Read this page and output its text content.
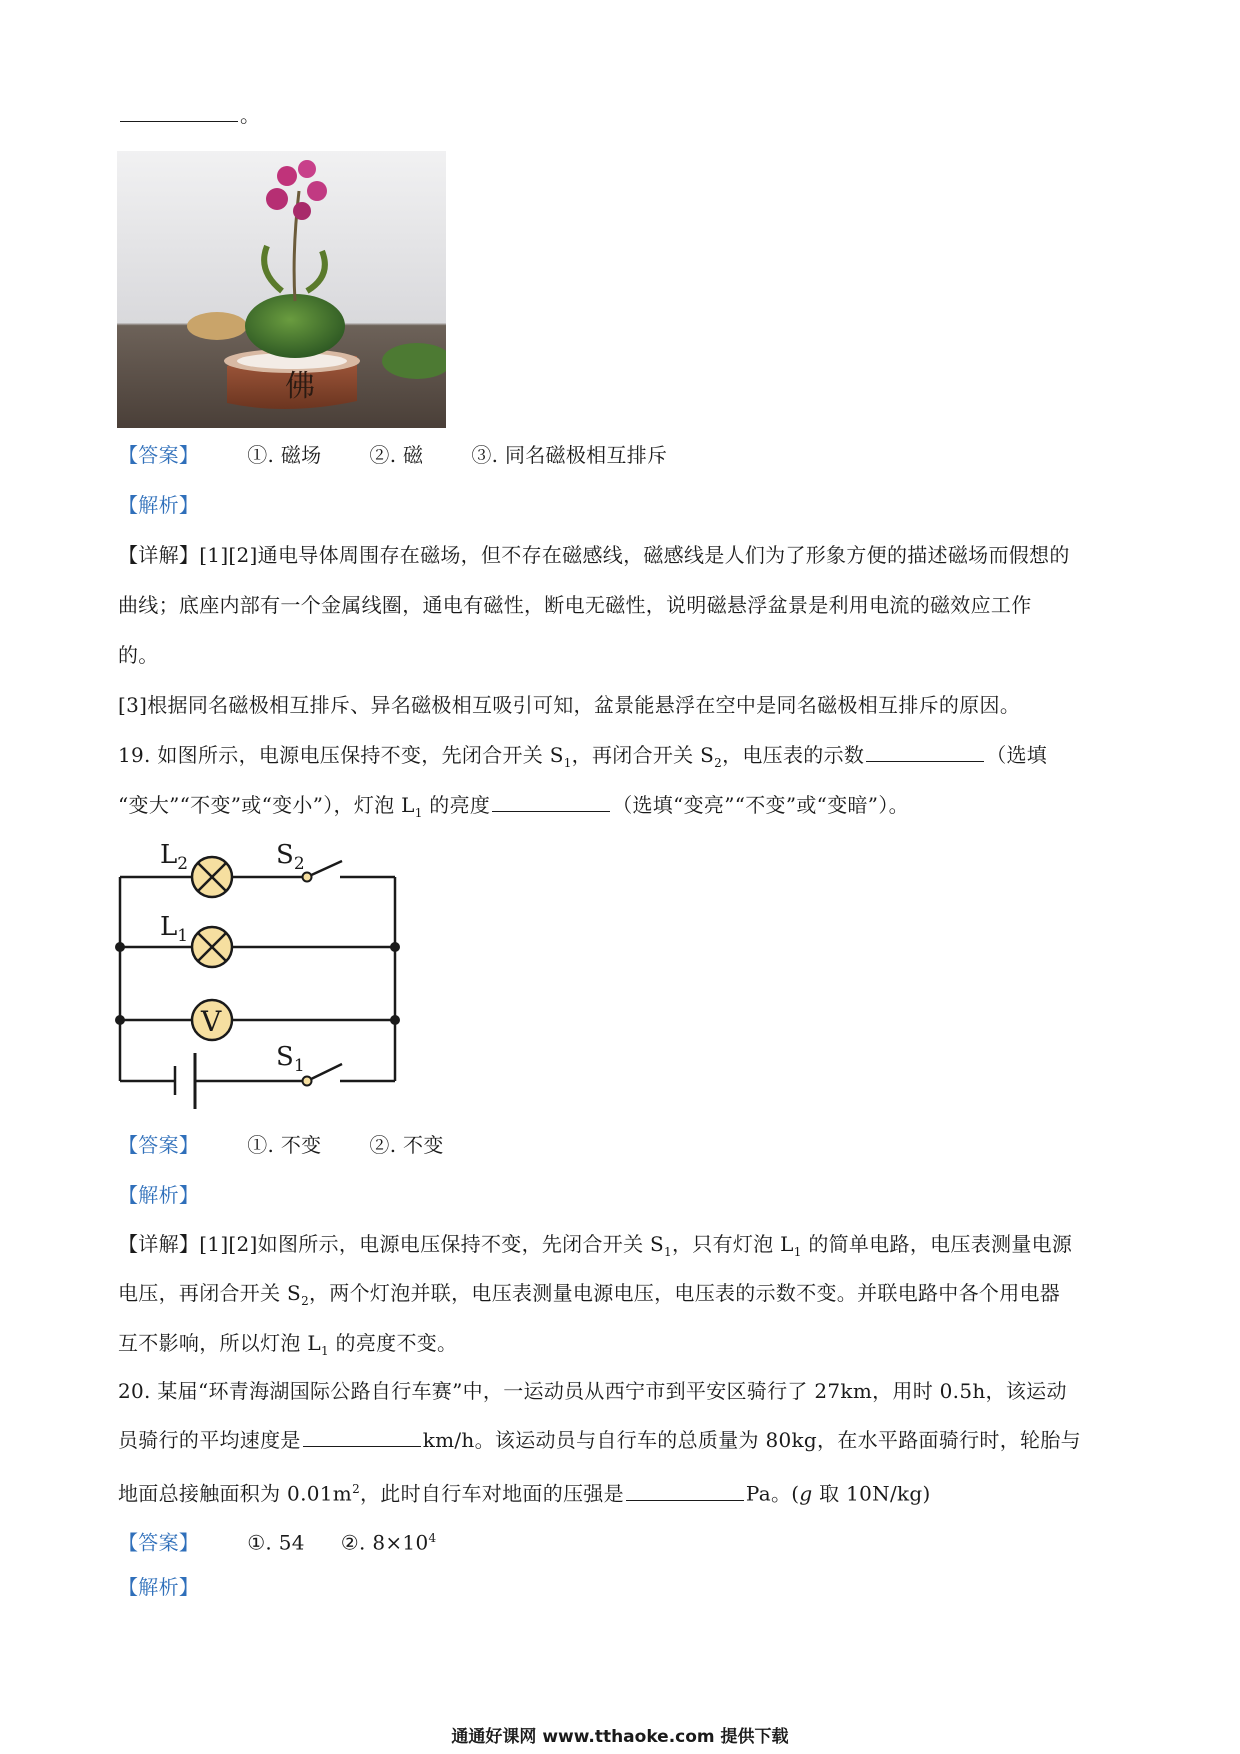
。
佛
【答案】 ①. 磁场 ②. 磁 ③. 同名磁极相互排斥
【解析】
【详解】[1][2]通电导体周围存在磁场，但不存在磁感线，磁感线是人们为了形象方便的描述磁场而假想的
曲线；底座内部有一个金属线圈，通电有磁性，断电无磁性，说明磁悬浮盆景是利用电流的磁效应工作
的。
[3]根据同名磁极相互排斥、异名磁极相互吸引可知，盆景能悬浮在空中是同名磁极相互排斥的原因。
19. 如图所示，电源电压保持不变，先闭合开关 $S_1$，再闭合开关 $S_2$，电压表的示数	（选填
“变大”“不变”或“变小”），灯泡 $L_1$ 的亮度	（选填“变亮”“不变”或“变暗”）。
V
$L_2$
$L_1$
$S_2$
$S_1$
【答案】 ①. 不变 ②. 不变
【解析】
【详解】[1][2]如图所示，电源电压保持不变，先闭合开关 $S_1$，只有灯泡 $L_1$ 的简单电路，电压表测量电源
电压，再闭合开关 $S_2$，两个灯泡并联，电压表测量电源电压，电压表的示数不变。并联电路中各个用电器
互不影响，所以灯泡 $L_1$ 的亮度不变。
20. 某届“环青海湖国际公路自行车赛”中，一运动员从西宁市到平安区骑行了 27km，用时 0.5h，该运动
员骑行的平均速度是	km/h。该运动员与自行车的总质量为 80kg，在水平路面骑行时，轮胎与
地面总接触面积为 $0.01m^2$，此时自行车对地面的压强是	Pa。(g 取 10N/kg)
【答案】 ①. 54 ②. $8\times 10^4$
【解析】
通通好课网 www.tthaoke.com 提供下载
